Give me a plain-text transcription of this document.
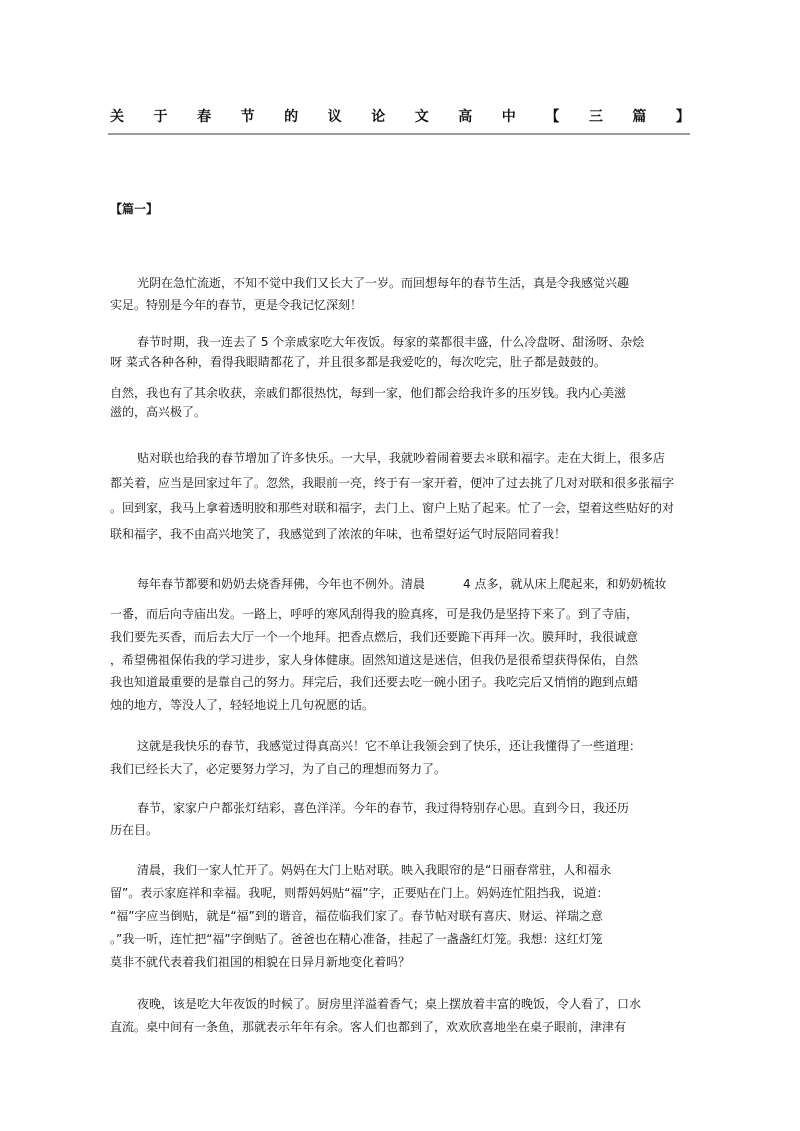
关 于 春 节 的 议 论 文 高 中 【 三 篇 】
【篇一】
光阴在急忙流逝，不知不觉中我们又长大了一岁。而回想每年的春节生活，真是令我感觉兴趣
实足。特别是今年的春节，更是令我记忆深刻！
春节时期，我一连去了 5 个亲戚家吃大年夜饭。每家的菜都很丰盛，什么冷盘呀、甜汤呀、杂烩
呀 菜式各种各种，看得我眼睛都花了，并且很多都是我爱吃的，每次吃完，肚子都是鼓鼓的。
自然，我也有了其余收获，亲戚们都很热忱，每到一家，他们都会给我许多的压岁钱。我内心美滋
滋的，高兴极了。
贴对联也给我的春节增加了许多快乐。一大早，我就吵着闹着要去＊联和福字。走在大街上，很多店
都关着，应当是回家过年了。忽然，我眼前一亮，终于有一家开着，便冲了过去挑了几对对联和很多张福字
。回到家，我马上拿着透明胶和那些对联和福字，去门上、窗户上贴了起来。忙了一会，望着这些贴好的对
联和福字，我不由高兴地笑了，我感觉到了浓浓的年味，也希望好运气时辰陪同着我！
每年春节都要和奶奶去烧香拜佛，今年也不例外。清晨	4 点多，就从床上爬起来，和奶奶梳妆
一番，而后向寺庙出发。一路上，呼呼的寒风刮得我的脸真疼，可是我仍是坚持下来了。到了寺庙，
我们要先买香，而后去大厅一个一个地拜。把香点燃后，我们还要跪下再拜一次。膜拜时，我很诚意
，希望佛祖保佑我的学习进步，家人身体健康。固然知道这是迷信，但我仍是很希望获得保佑，自然
我也知道最重要的是靠自己的努力。拜完后，我们还要去吃一碗小团子。我吃完后又悄悄的跑到点蜡
烛的地方，等没人了，轻轻地说上几句祝愿的话。
这就是我快乐的春节，我感觉过得真高兴！它不单让我领会到了快乐，还让我懂得了一些道理：
我们已经长大了，必定要努力学习，为了自己的理想而努力了。
春节，家家户户都张灯结彩，喜色洋洋。今年的春节，我过得特别存心思。直到今日，我还历
历在目。
清晨，我们一家人忙开了。妈妈在大门上贴对联。映入我眼帘的是“日丽春常驻，人和福永
留”。表示家庭祥和幸福。我呢，则帮妈妈贴“福”字，正要贴在门上。妈妈连忙阻挡我，说道：
“福”字应当倒贴，就是“福”到的谐音，福莅临我们家了。春节帖对联有喜庆、财运、祥瑞之意
。”我一听，连忙把“福”字倒贴了。爸爸也在精心准备，挂起了一盏盏红灯笼。我想：这红灯笼
莫非不就代表着我们祖国的相貌在日异月新地变化着吗？
夜晚，该是吃大年夜饭的时候了。厨房里洋溢着香气；桌上摆放着丰富的晚饭，令人看了，口水
直流。桌中间有一条鱼，那就表示年年有余。客人们也都到了，欢欢欣喜地坐在桌子眼前，津津有
